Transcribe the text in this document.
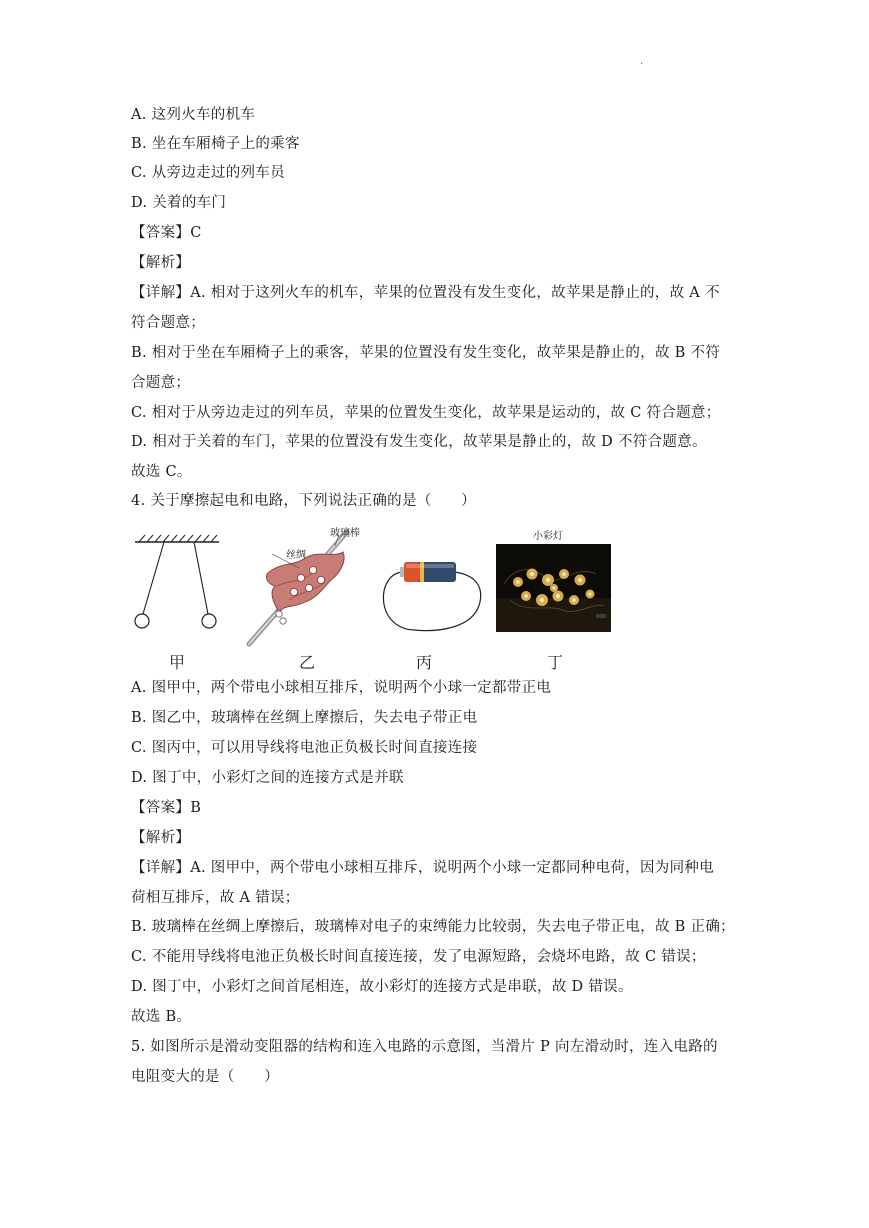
.
A. 这列火车的机车
B. 坐在车厢椅子上的乘客
C. 从旁边走过的列车员
D. 关着的车门
【答案】C
【解析】
【详解】A. 相对于这列火车的机车，苹果的位置没有发生变化，故苹果是静止的，故 A 不
符合题意；
B. 相对于坐在车厢椅子上的乘客，苹果的位置没有发生变化，故苹果是静止的，故 B 不符
合题意；
C. 相对于从旁边走过的列车员，苹果的位置发生变化，故苹果是运动的，故 C 符合题意；
D. 相对于关着的车门，苹果的位置没有发生变化，故苹果是静止的，故 D 不符合题意。
故选 C。
4. 关于摩擦起电和电路，下列说法正确的是（　　）
甲
玻璃棒
丝绸
乙	丙
小彩灯
丁
A. 图甲中，两个带电小球相互排斥，说明两个小球一定都带正电
B. 图乙中，玻璃棒在丝绸上摩擦后，失去电子带正电
C. 图丙中，可以用导线将电池正负极长时间直接连接
D. 图丁中，小彩灯之间的连接方式是并联
【答案】B
【解析】
【详解】A. 图甲中，两个带电小球相互排斥，说明两个小球一定都同种电荷，因为同种电
荷相互排斥，故 A 错误；
B. 玻璃棒在丝绸上摩擦后，玻璃棒对电子的束缚能力比较弱，失去电子带正电，故 B 正确；
C. 不能用导线将电池正负极长时间直接连接，发了电源短路，会烧坏电路，故 C 错误；
D. 图丁中，小彩灯之间首尾相连，故小彩灯的连接方式是串联，故 D 错误。
故选 B。
5. 如图所示是滑动变阻器的结构和连入电路的示意图，当滑片 P 向左滑动时，连入电路的
电阻变大的是（　　）
